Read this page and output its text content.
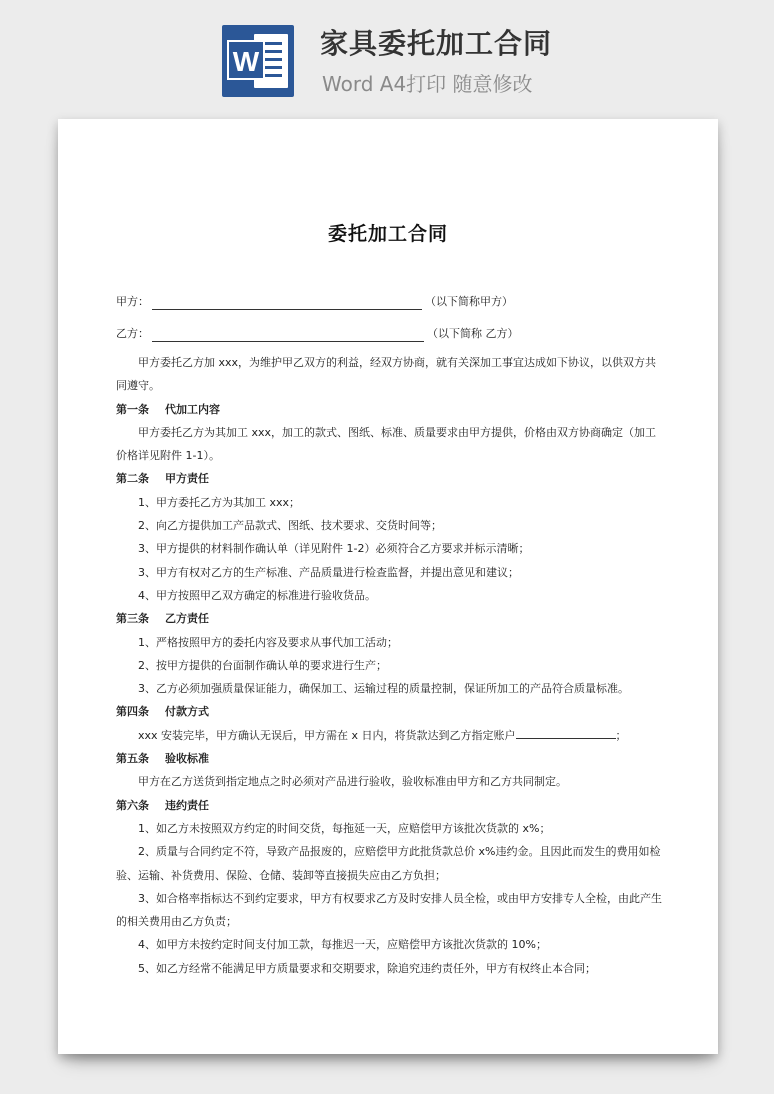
W
家具委托加工合同
Word A4打印 随意修改
委托加工合同
甲方：	（以下简称甲方）
乙方：	（以下简称 乙方）

甲方委托乙方加 xxx，为维护甲乙双方的利益，经双方协商，就有关深加工事宜达成如下协议，以供双方共同遵守。

第一条 代加工内容

甲方委托乙方为其加工 xxx，加工的款式、图纸、标准、质量要求由甲方提供，价格由双方协商确定（加工价格详见附件 1-1）。

第二条 甲方责任

1、甲方委托乙方为其加工 xxx；

2、向乙方提供加工产品款式、图纸、技术要求、交货时间等；

3、甲方提供的材料制作确认单（详见附件 1-2）必须符合乙方要求并标示清晰；

3、甲方有权对乙方的生产标准、产品质量进行检查监督，并提出意见和建议；

4、甲方按照甲乙双方确定的标准进行验收货品。

第三条 乙方责任

1、严格按照甲方的委托内容及要求从事代加工活动；

2、按甲方提供的台面制作确认单的要求进行生产；

3、乙方必须加强质量保证能力，确保加工、运输过程的质量控制，保证所加工的产品符合质量标准。

第四条 付款方式

xxx 安装完毕，甲方确认无误后，甲方需在 x 日内，将货款达到乙方指定账户	；

第五条 验收标准

甲方在乙方送货到指定地点之时必须对产品进行验收，验收标准由甲方和乙方共同制定。

第六条 违约责任

1、如乙方未按照双方约定的时间交货，每拖延一天，应赔偿甲方该批次货款的 x%；

2、质量与合同约定不符，导致产品报废的，应赔偿甲方此批货款总价 x%违约金。且因此而发生的费用如检验、运输、补货费用、保险、仓储、装卸等直接损失应由乙方负担；

3、如合格率指标达不到约定要求，甲方有权要求乙方及时安排人员全检，或由甲方安排专人全检，由此产生的相关费用由乙方负责；

4、如甲方未按约定时间支付加工款，每推迟一天，应赔偿甲方该批次货款的 10%；

5、如乙方经常不能满足甲方质量要求和交期要求，除追究违约责任外，甲方有权终止本合同；
